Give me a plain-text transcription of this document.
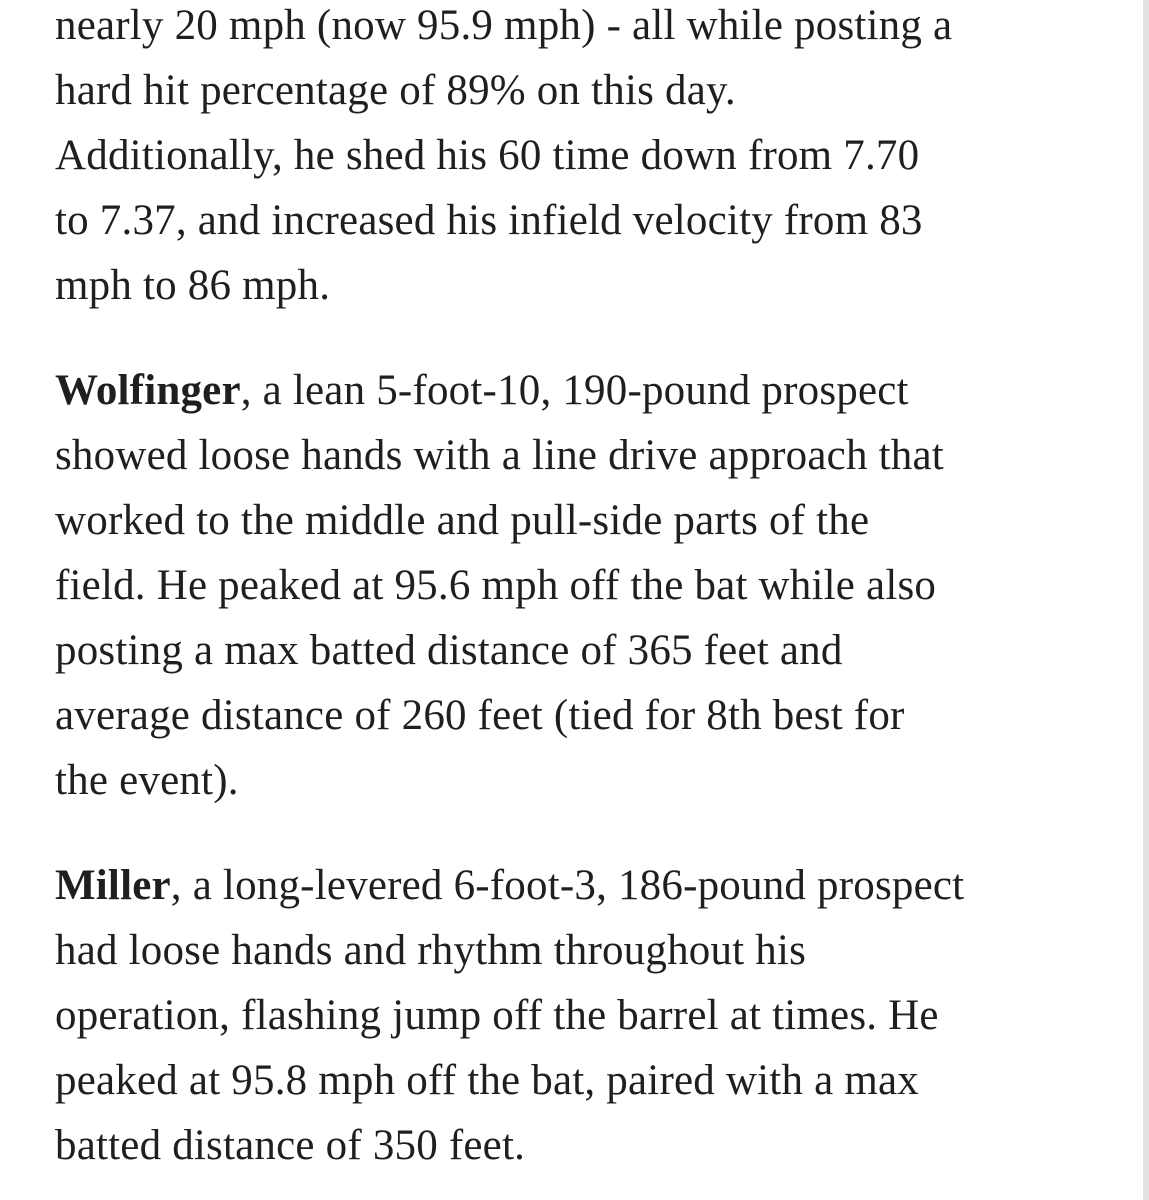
nearly 20 mph (now 95.9 mph) - all while posting a
hard hit percentage of 89% on this day.
Additionally, he shed his 60 time down from 7.70
to 7.37, and increased his infield velocity from 83
mph to 86 mph.
Wolfinger, a lean 5-foot-10, 190-pound prospect
showed loose hands with a line drive approach that
worked to the middle and pull-side parts of the
field. He peaked at 95.6 mph off the bat while also
posting a max batted distance of 365 feet and
average distance of 260 feet (tied for 8th best for
the event).
Miller, a long-levered 6-foot-3, 186-pound prospect
had loose hands and rhythm throughout his
operation, flashing jump off the barrel at times. He
peaked at 95.8 mph off the bat, paired with a max
batted distance of 350 feet.
